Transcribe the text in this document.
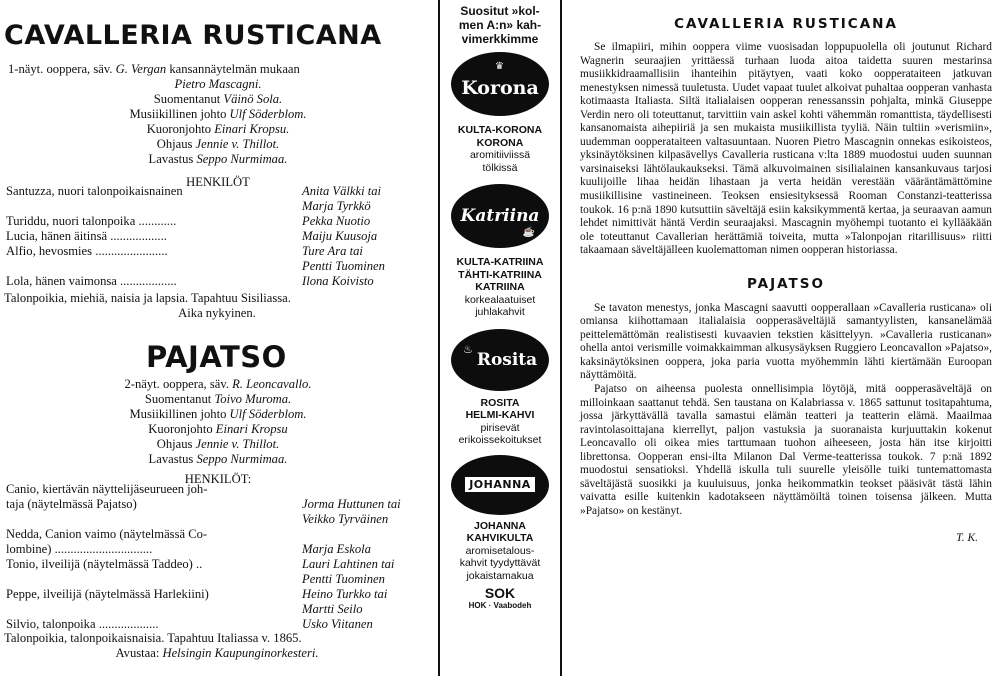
CAVALLERIA RUSTICANA
1-näyt. ooppera, säv. G. Vergan kansannäytelmän mukaan
Pietro Mascagni.
Suomentanut Väinö Sola.
Musiikillinen johto Ulf Söderblom.
Kuoronjohto Einari Kropsu.
Ohjaus Jennie v. Thillot.
Lavastus Seppo Nurmimaa.
HENKILÖT
Santuzza, nuori talonpoikaisnainen	Anita Välkki tai
Marja Tyrkkö
Turiddu, nuori talonpoika ............	Pekka Nuotio
Lucia, hänen äitinsä ..................	Maiju Kuusoja
Alfio, hevosmies .......................	Ture Ara tai
Pentti Tuominen
Lola, hänen vaimonsa ..................	Ilona Koivisto
Talonpoikia, miehiä, naisia ja lapsia. Tapahtuu Sisiliassa.
Aika nykyinen.
PAJATSO
2-näyt. ooppera, säv. R. Leoncavallo.
Suomentanut Toivo Muroma.
Musiikillinen johto Ulf Söderblom.
Kuoronjohto Einari Kropsu
Ohjaus Jennie v. Thillot.
Lavastus Seppo Nurmimaa.
HENKILÖT:
Canio, kiertävän näyttelijäseurueen joh-
taja (näytelmässä Pajatso)	Jorma Huttunen tai
Veikko Tyrväinen
Nedda, Canion vaimo (näytelmässä Co-
lombine) ...............................	Marja Eskola
Tonio, ilveilijä (näytelmässä Taddeo) ..	Lauri Lahtinen tai
Pentti Tuominen
Peppe, ilveilijä (näytelmässä Harlekiini)	Heino Turkko tai
Martti Seilo
Silvio, talonpoika ...................	Usko Viitanen
Talonpoikia, talonpoikaisnaisia. Tapahtuu Italiassa v. 1865.
Avustaa: Helsingin Kaupunginorkesteri.
Suositut »kol-
men A:n» kah-
vimerkkimme
♛
Korona
KULTA-KORONA
KORONA
aromitiiviissä
tölkissä
Katriina
☕
KULTA-KATRIINA
TÄHTI-KATRIINA
KATRIINA
korkealaatuiset
juhlakahvit
♨ Rosita
ROSITA
HELMI-KAHVI
pirisevät
erikoissekoitukset
JOHANNA
JOHANNA
KAHVIKULTA
aromisetalous-
kahvit tyydyttävät
jokaistamakua
SOK
HOK · Vaabodeh
CAVALLERIA RUSTICANA

Se ilmapiiri, mihin ooppera viime vuosisadan loppupuolella oli joutunut Richard Wagnerin seuraajien yrittäessä turhaan luoda aitoa taidetta suuren mestarinsa musiikkidraamallisiin ihanteihin pitäytyen, vaati koko oopperataiteen jatkuvan menestyksen nimessä tuuletusta. Uudet vapaat tuulet alkoivat puhaltaa oopperan vanhasta kotimaasta Italiasta. Siltä italialaisen oopperan renessanssin pohjalta, minkä Giuseppe Verdin nero oli toteuttanut, tarvittiin vain askel kohti vähemmän romanttista, täydellisesti kansanomaista aihepiiriä ja sen mukaista musiikillista tyyliä. Näin tultiin »verismiin», uudemman oopperataiteen valtasuuntaan. Nuoren Pietro Mascagnin onnekas esikoisteos, yksinäytöksinen kilpasävellys Cavalleria rusticana v:lta 1889 muodostui uuden suunnan varsinaiseksi lähtölaukaukseksi. Tämä alkuvoimainen sisilialainen kansankuvaus tarjosi kuulijoille lihaa heidän lihastaan ja verta heidän verestään vääräntämättömine musiikillisine vastineineen. Teoksen ensiesityksessä Rooman Constanzi-teatterissa toukok. 16 p:nä 1890 kutsuttiin säveltäjä esiin kaksikymmentä kertaa, ja seuraavan aamun lehdet nimittivät häntä Verdin seuraajaksi. Mascagnin myöhempi tuotanto ei kyllääkään ole toteuttanut Cavallerian herättämiä toiveita, mutta »Talonpojan ritarillisuus» riitti takaamaan säveltäjälleen kuolemattoman nimen oopperan historiassa.

PAJATSO

Se tavaton menestys, jonka Mascagni saavutti oopperallaan »Cavalleria rusticana» oli omiansa kiihottamaan italialaisia oopperasäveltäjiä samantyylisten, kansanelämää peittelemättömän realistisesti kuvaavien tekstien käsittelyyn. »Cavalleria rusticanan» ohella antoi verismille voimakkaimman alkusysäyksen Ruggiero Leoncavallon »Pajatso», kaksinäytöksinen ooppera, joka paria vuotta myöhemmin lähti kiertämään Euroopan näyttämöitä.

Pajatso on aiheensa puolesta onnellisimpia löytöjä, mitä oopperasäveltäjä on milloinkaan saattanut tehdä. Sen taustana on Kalabriassa v. 1865 sattunut tositapahtuma, jossa järkyttävällä tavalla samastui elämän teatteri ja teatterin elämä. Maailmaa ravintolasoittajana kierrellyt, paljon vastuksia ja suoranaista kurjuuttakin kokenut Leoncavallo oli oikea mies tarttumaan tuohon aiheeseen, josta hän itse kirjoitti librettonsa. Oopperan ensi-ilta Milanon Dal Verme-teatterissa toukok. 7 p:nä 1892 muodostui sensatioksi. Yhdellä iskulla tuli suurelle yleisölle tuiki tuntemattomasta säveltäjästä suosikki ja kuuluisuus, jonka heikommatkin teokset pääsivät tästä lähin vaivatta esille kuitenkin kadotakseen näyttämöiltä toinen toisensa jälkeen. Mutta »Pajatso» on kestänyt.

T. K.
